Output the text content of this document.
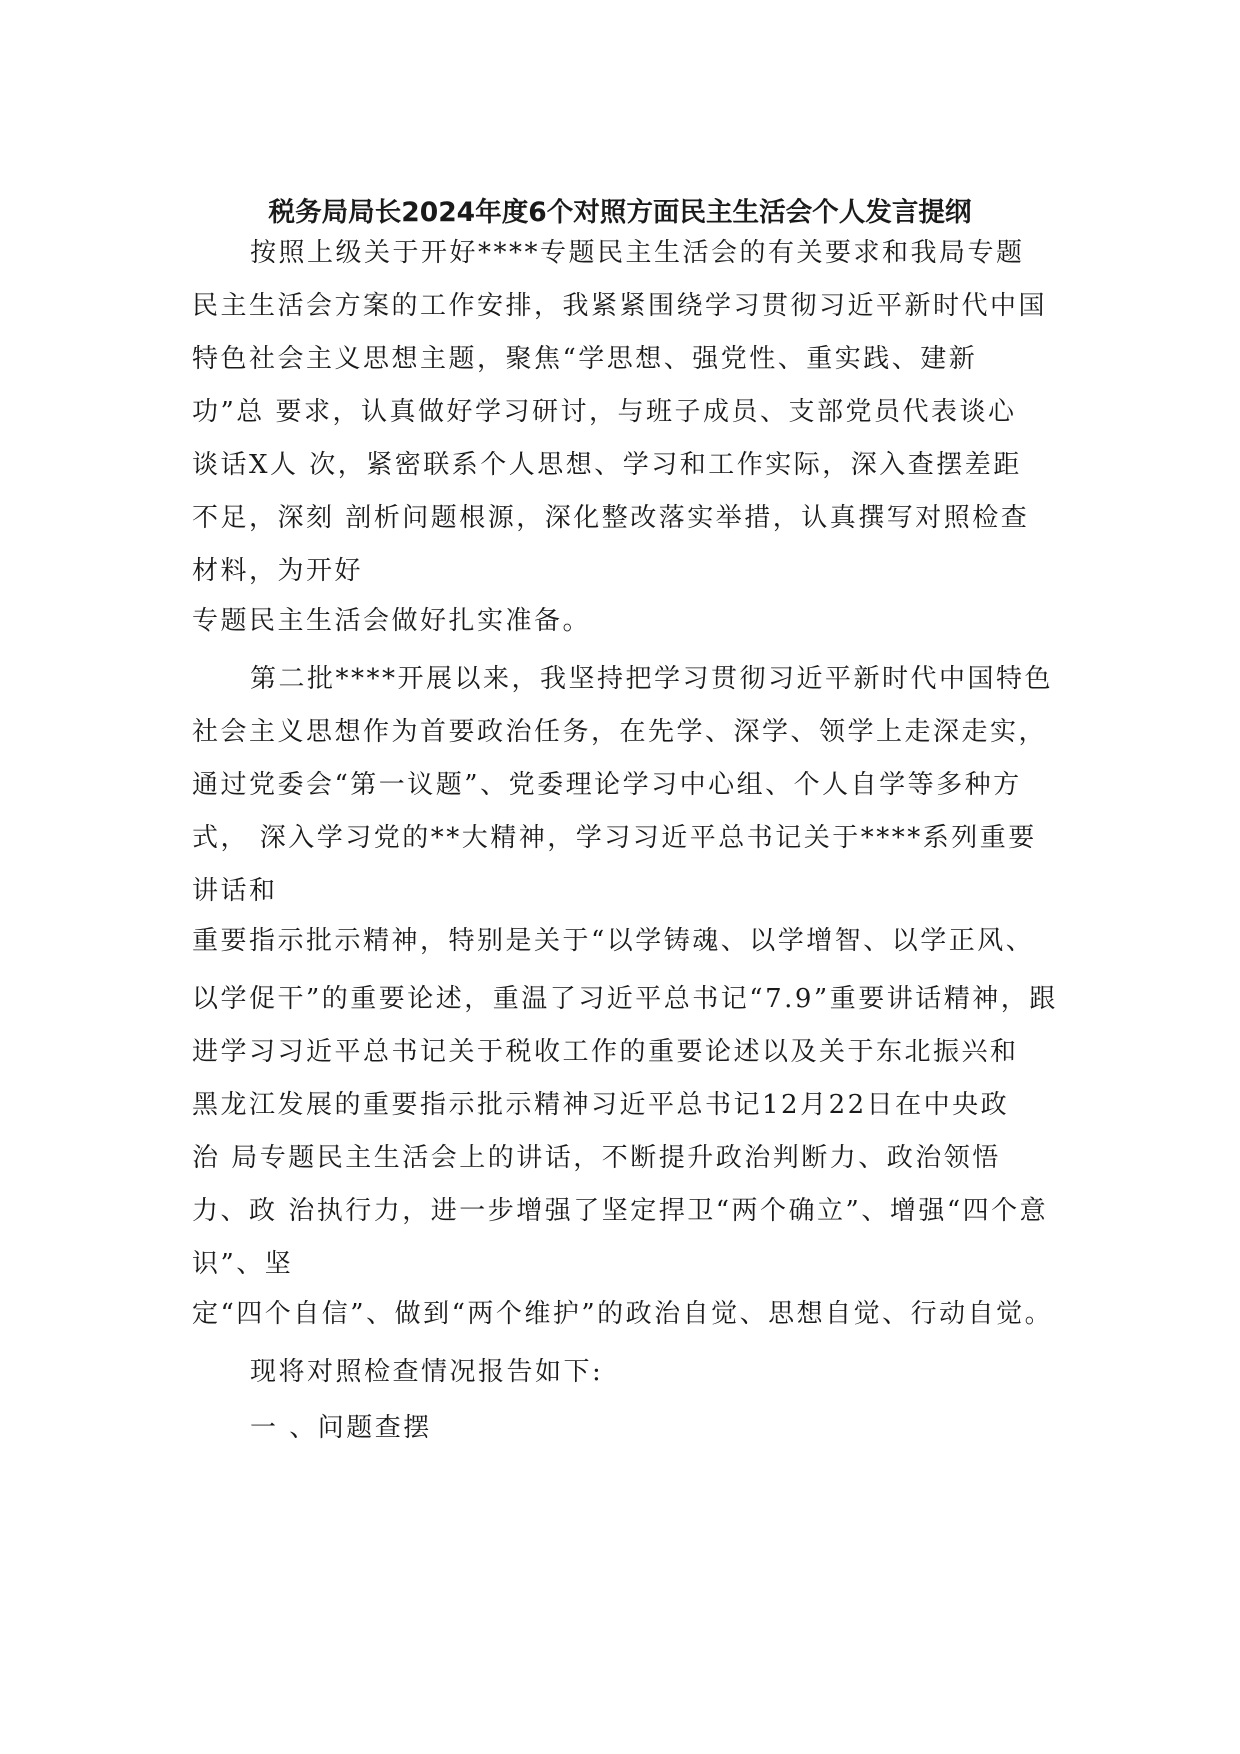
税务局局长2024年度6个对照方面民主生活会个人发言提纲

按照上级关于开好****专题民主生活会的有关要求和我局专题

民主生活会方案的工作安排，我紧紧围绕学习贯彻习近平新时代中国

特色社会主义思想主题，聚焦“学思想、强党性、重实践、建新

功”总 要求，认真做好学习研讨，与班子成员、支部党员代表谈心

谈话X人 次，紧密联系个人思想、学习和工作实际，深入查摆差距

不足，深刻 剖析问题根源，深化整改落实举措，认真撰写对照检查

材料，为开好

专题民主生活会做好扎实准备。

第二批****开展以来，我坚持把学习贯彻习近平新时代中国特色

社会主义思想作为首要政治任务，在先学、深学、领学上走深走实，

通过党委会“第一议题”、党委理论学习中心组、个人自学等多种方

式， 深入学习党的**大精神，学习习近平总书记关于****系列重要

讲话和

重要指示批示精神，特别是关于“以学铸魂、以学增智、以学正风、

以学促干”的重要论述，重温了习近平总书记“7.9”重要讲话精神，跟

进学习习近平总书记关于税收工作的重要论述以及关于东北振兴和

黑龙江发展的重要指示批示精神习近平总书记12月22日在中央政

治 局专题民主生活会上的讲话，不断提升政治判断力、政治领悟

力、政 治执行力，进一步增强了坚定捍卫“两个确立”、增强“四个意

识”、坚

定“四个自信”、做到“两个维护”的政治自觉、思想自觉、行动自觉。

现将对照检查情况报告如下:

一 、问题查摆
